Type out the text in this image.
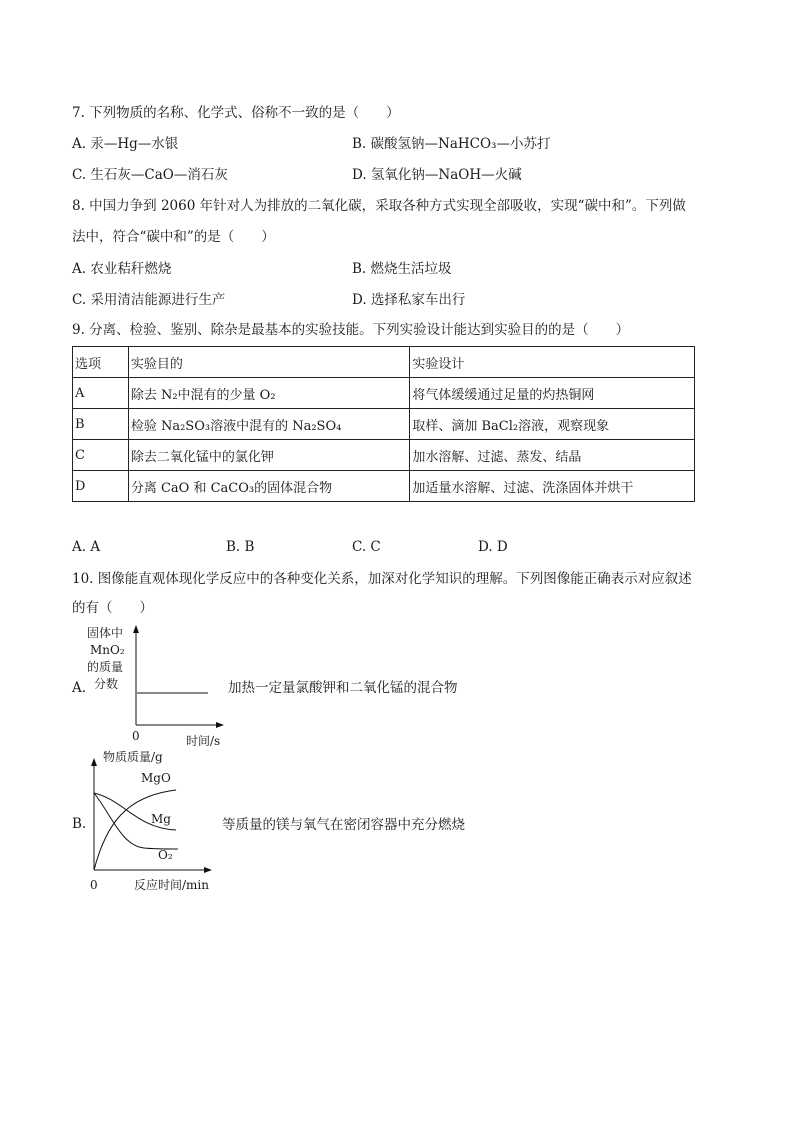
7. 下列物质的名称、化学式、俗称不一致的是（　　）
A. 汞—Hg—水银	B. 碳酸氢钠—NaHCO₃—小苏打
C. 生石灰—CaO—消石灰	D. 氢氧化钠—NaOH—火碱
8. 中国力争到 2060 年针对人为排放的二氧化碳，采取各种方式实现全部吸收，实现“碳中和”。下列做
法中，符合“碳中和”的是（　　）
A. 农业秸秆燃烧	B. 燃烧生活垃圾
C. 采用清洁能源进行生产	D. 选择私家车出行
9. 分离、检验、鉴别、除杂是最基本的实验技能。下列实验设计能达到实验目的的是（　　）
选项	实验目的	实验设计
A	除去 N₂中混有的少量 O₂	将气体缓缓通过足量的灼热铜网
B	检验 Na₂SO₃溶液中混有的 Na₂SO₄	取样、滴加 BaCl₂溶液，观察现象
C	除去二氧化锰中的氯化钾	加水溶解、过滤、蒸发、结晶
D	分离 CaO 和 CaCO₃的固体混合物	加适量水溶解、过滤、洗涤固体并烘干
A. A	B. B	C. C	D. D
10. 图像能直观体现化学反应中的各种变化关系，加深对化学知识的理解。下列图像能正确表示对应叙述
的有（　　）
A.
固体中
MnO₂
的质量
分数
0	时间/s
加热一定量氯酸钾和二氧化锰的混合物
B.
物质质量/g
MgO
Mg
O₂
0	反应时间/min
等质量的镁与氧气在密闭容器中充分燃烧
